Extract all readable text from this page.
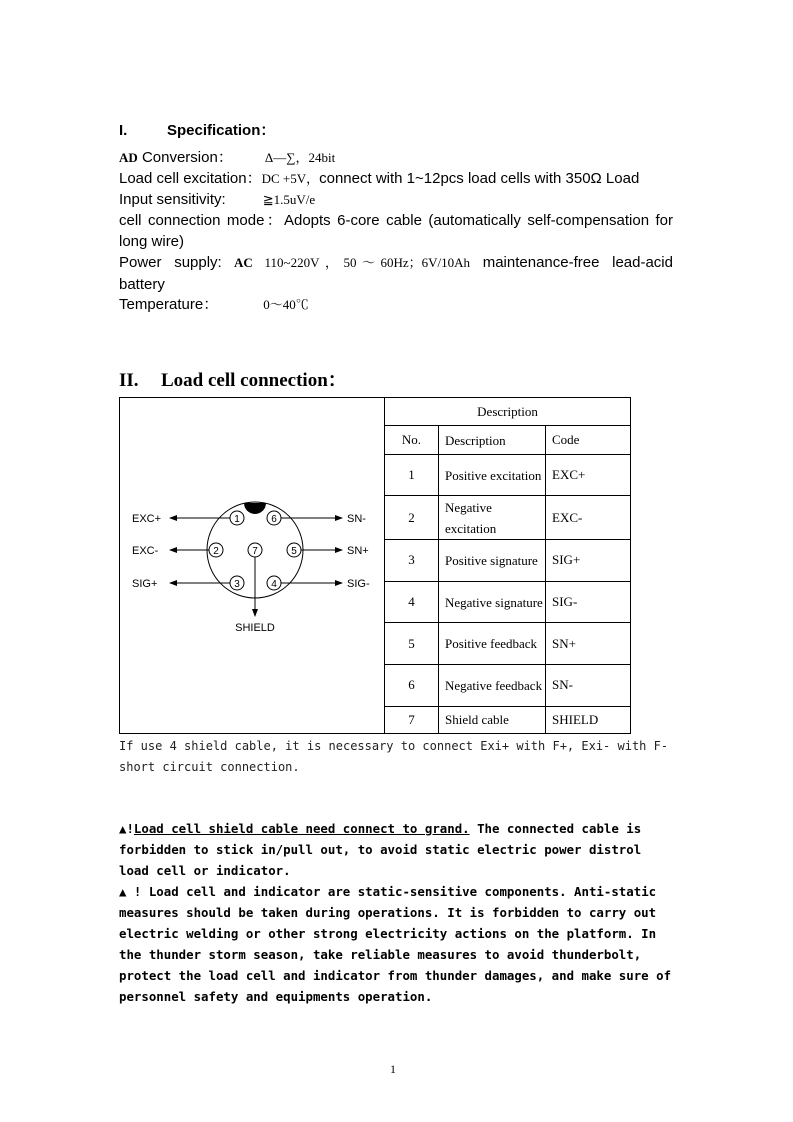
I.	Specification：
AD Conversion： Δ—∑，24bit
Load cell excitation：DC +5V，connect with 1~12pcs load cells with 350Ω Load
Input sensitivity:	≧1.5uV/e
cell connection mode：Adopts 6-core cable (automatically self-compensation for long wire)
Power supply: AC 110~220V，50～60Hz；6V/10Ah maintenance-free lead-acid battery
Temperature：	0～40℃
II. Load cell connection：
1	6
2	7	5
3	4
EXC+
EXC-
SIG+
SN-
SN+
SIG-
SHIELD
	Description
	No.	Description	Code
	1	Positive excitation	EXC+
	2	Negative excitation	EXC-
	3	Positive signature	SIG+
	4	Negative signature	SIG-
	5	Positive feedback	SN+
	6	Negative feedback	SN-
	7	Shield cable	SHIELD
If use 4 shield cable, it is necessary to connect Exi+ with F+, Exi- with F- short circuit connection.
▲!Load cell shield cable need connect to grand. The connected cable is forbidden to stick in/pull out, to avoid static electric power distrol load cell or indicator.
▲ ! Load cell and indicator are static-sensitive components. Anti-static measures should be taken during operations. It is forbidden to carry out electric welding or other strong electricity actions on the platform. In the thunder storm season, take reliable measures to avoid thunderbolt, protect the load cell and indicator from thunder damages, and make sure of personnel safety and equipments operation.
1
